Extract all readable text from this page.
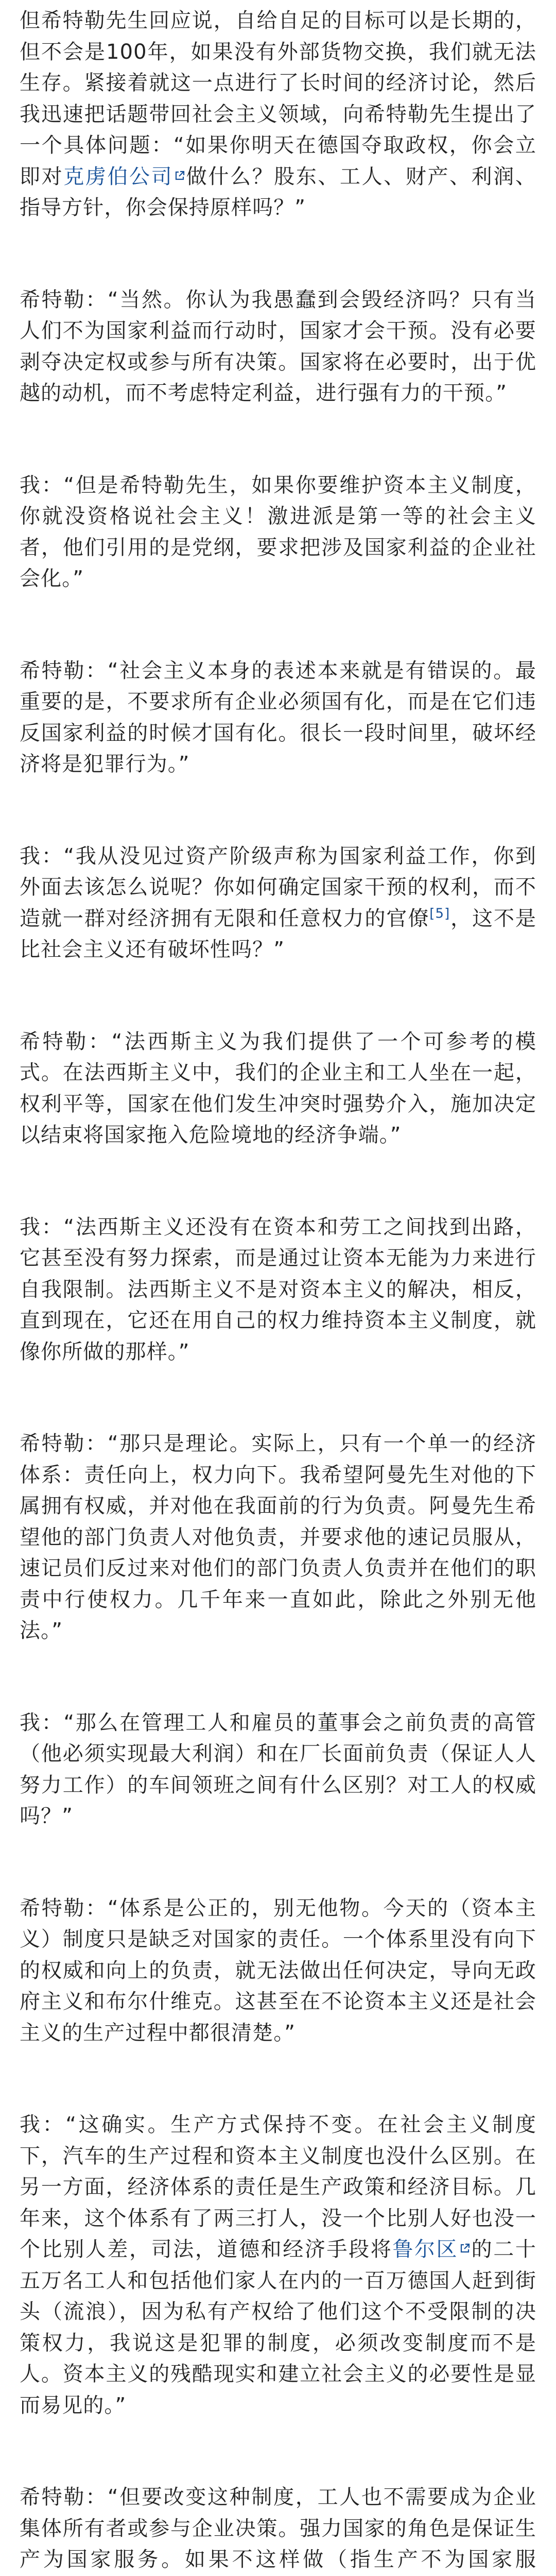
但希特勒先生回应说，自给自足的目标可以是长期的，但不会是100年，如果没有外部货物交换，我们就无法生存。紧接着就这一点进行了长时间的经济讨论，然后我迅速把话题带回社会主义领域，向希特勒先生提出了一个具体问题：“如果你明天在德国夺取政权，你会立即对克虏伯公司 做什么？股东、工人、财产、利润、指导方针，你会保持原样吗？”

希特勒：“当然。你认为我愚蠢到会毁经济吗？只有当人们不为国家利益而行动时，国家才会干预。没有必要剥夺决定权或参与所有决策。国家将在必要时，出于优越的动机，而不考虑特定利益，进行强有力的干预。”

我：“但是希特勒先生，如果你要维护资本主义制度，你就没资格说社会主义！激进派是第一等的社会主义者，他们引用的是党纲，要求把涉及国家利益的企业社会化。”

希特勒：“社会主义本身的表述本来就是有错误的。最重要的是，不要求所有企业必须国有化，而是在它们违反国家利益的时候才国有化。很长一段时间里，破坏经济将是犯罪行为。”

我：“我从没见过资产阶级声称为国家利益工作，你到外面去该怎么说呢？你如何确定国家干预的权利，而不造就一群对经济拥有无限和任意权力的官僚[5]，这不是比社会主义还有破坏性吗？”

希特勒：“法西斯主义为我们提供了一个可参考的模式。在法西斯主义中，我们的企业主和工人坐在一起，权利平等，国家在他们发生冲突时强势介入，施加决定以结束将国家拖入危险境地的经济争端。”

我：“法西斯主义还没有在资本和劳工之间找到出路，它甚至没有努力探索，而是通过让资本无能为力来进行自我限制。法西斯主义不是对资本主义的解决，相反，直到现在，它还在用自己的权力维持资本主义制度，就像你所做的那样。”

希特勒：“那只是理论。实际上，只有一个单一的经济体系：责任向上，权力向下。我希望阿曼先生对他的下属拥有权威，并对他在我面前的行为负责。阿曼先生希望他的部门负责人对他负责，并要求他的速记员服从，速记员们反过来对他们的部门负责人负责并在他们的职责中行使权力。几千年来一直如此，除此之外别无他法。”

我：“那么在管理工人和雇员的董事会之前负责的高管（他必须实现最大利润）和在厂长面前负责（保证人人努力工作）的车间领班之间有什么区别？对工人的权威吗？”

希特勒：“体系是公正的，别无他物。今天的（资本主义）制度只是缺乏对国家的责任。一个体系里没有向下的权威和向上的负责，就无法做出任何决定，导向无政府主义和布尔什维克。这甚至在不论资本主义还是社会主义的生产过程中都很清楚。”

我：“这确实。生产方式保持不变。在社会主义制度下，汽车的生产过程和资本主义制度也没什么区别。在另一方面，经济体系的责任是生产政策和经济目标。几年来，这个体系有了两三打人，没一个比别人好也没一个比别人差，司法，道德和经济手段将鲁尔区 的二十五万名工人和包括他们家人在内的一百万德国人赶到街头（流浪），因为私有产权给了他们这个不受限制的决策权力，我说这是犯罪的制度，必须改变制度而不是人。资本主义的残酷现实和建立社会主义的必要性是显而易见的。”

希特勒：“但要改变这种制度，工人也不需要成为企业集体所有者或参与企业决策。强力国家的角色是保证生产为国家服务。如果不这样做（指生产不为国家服
